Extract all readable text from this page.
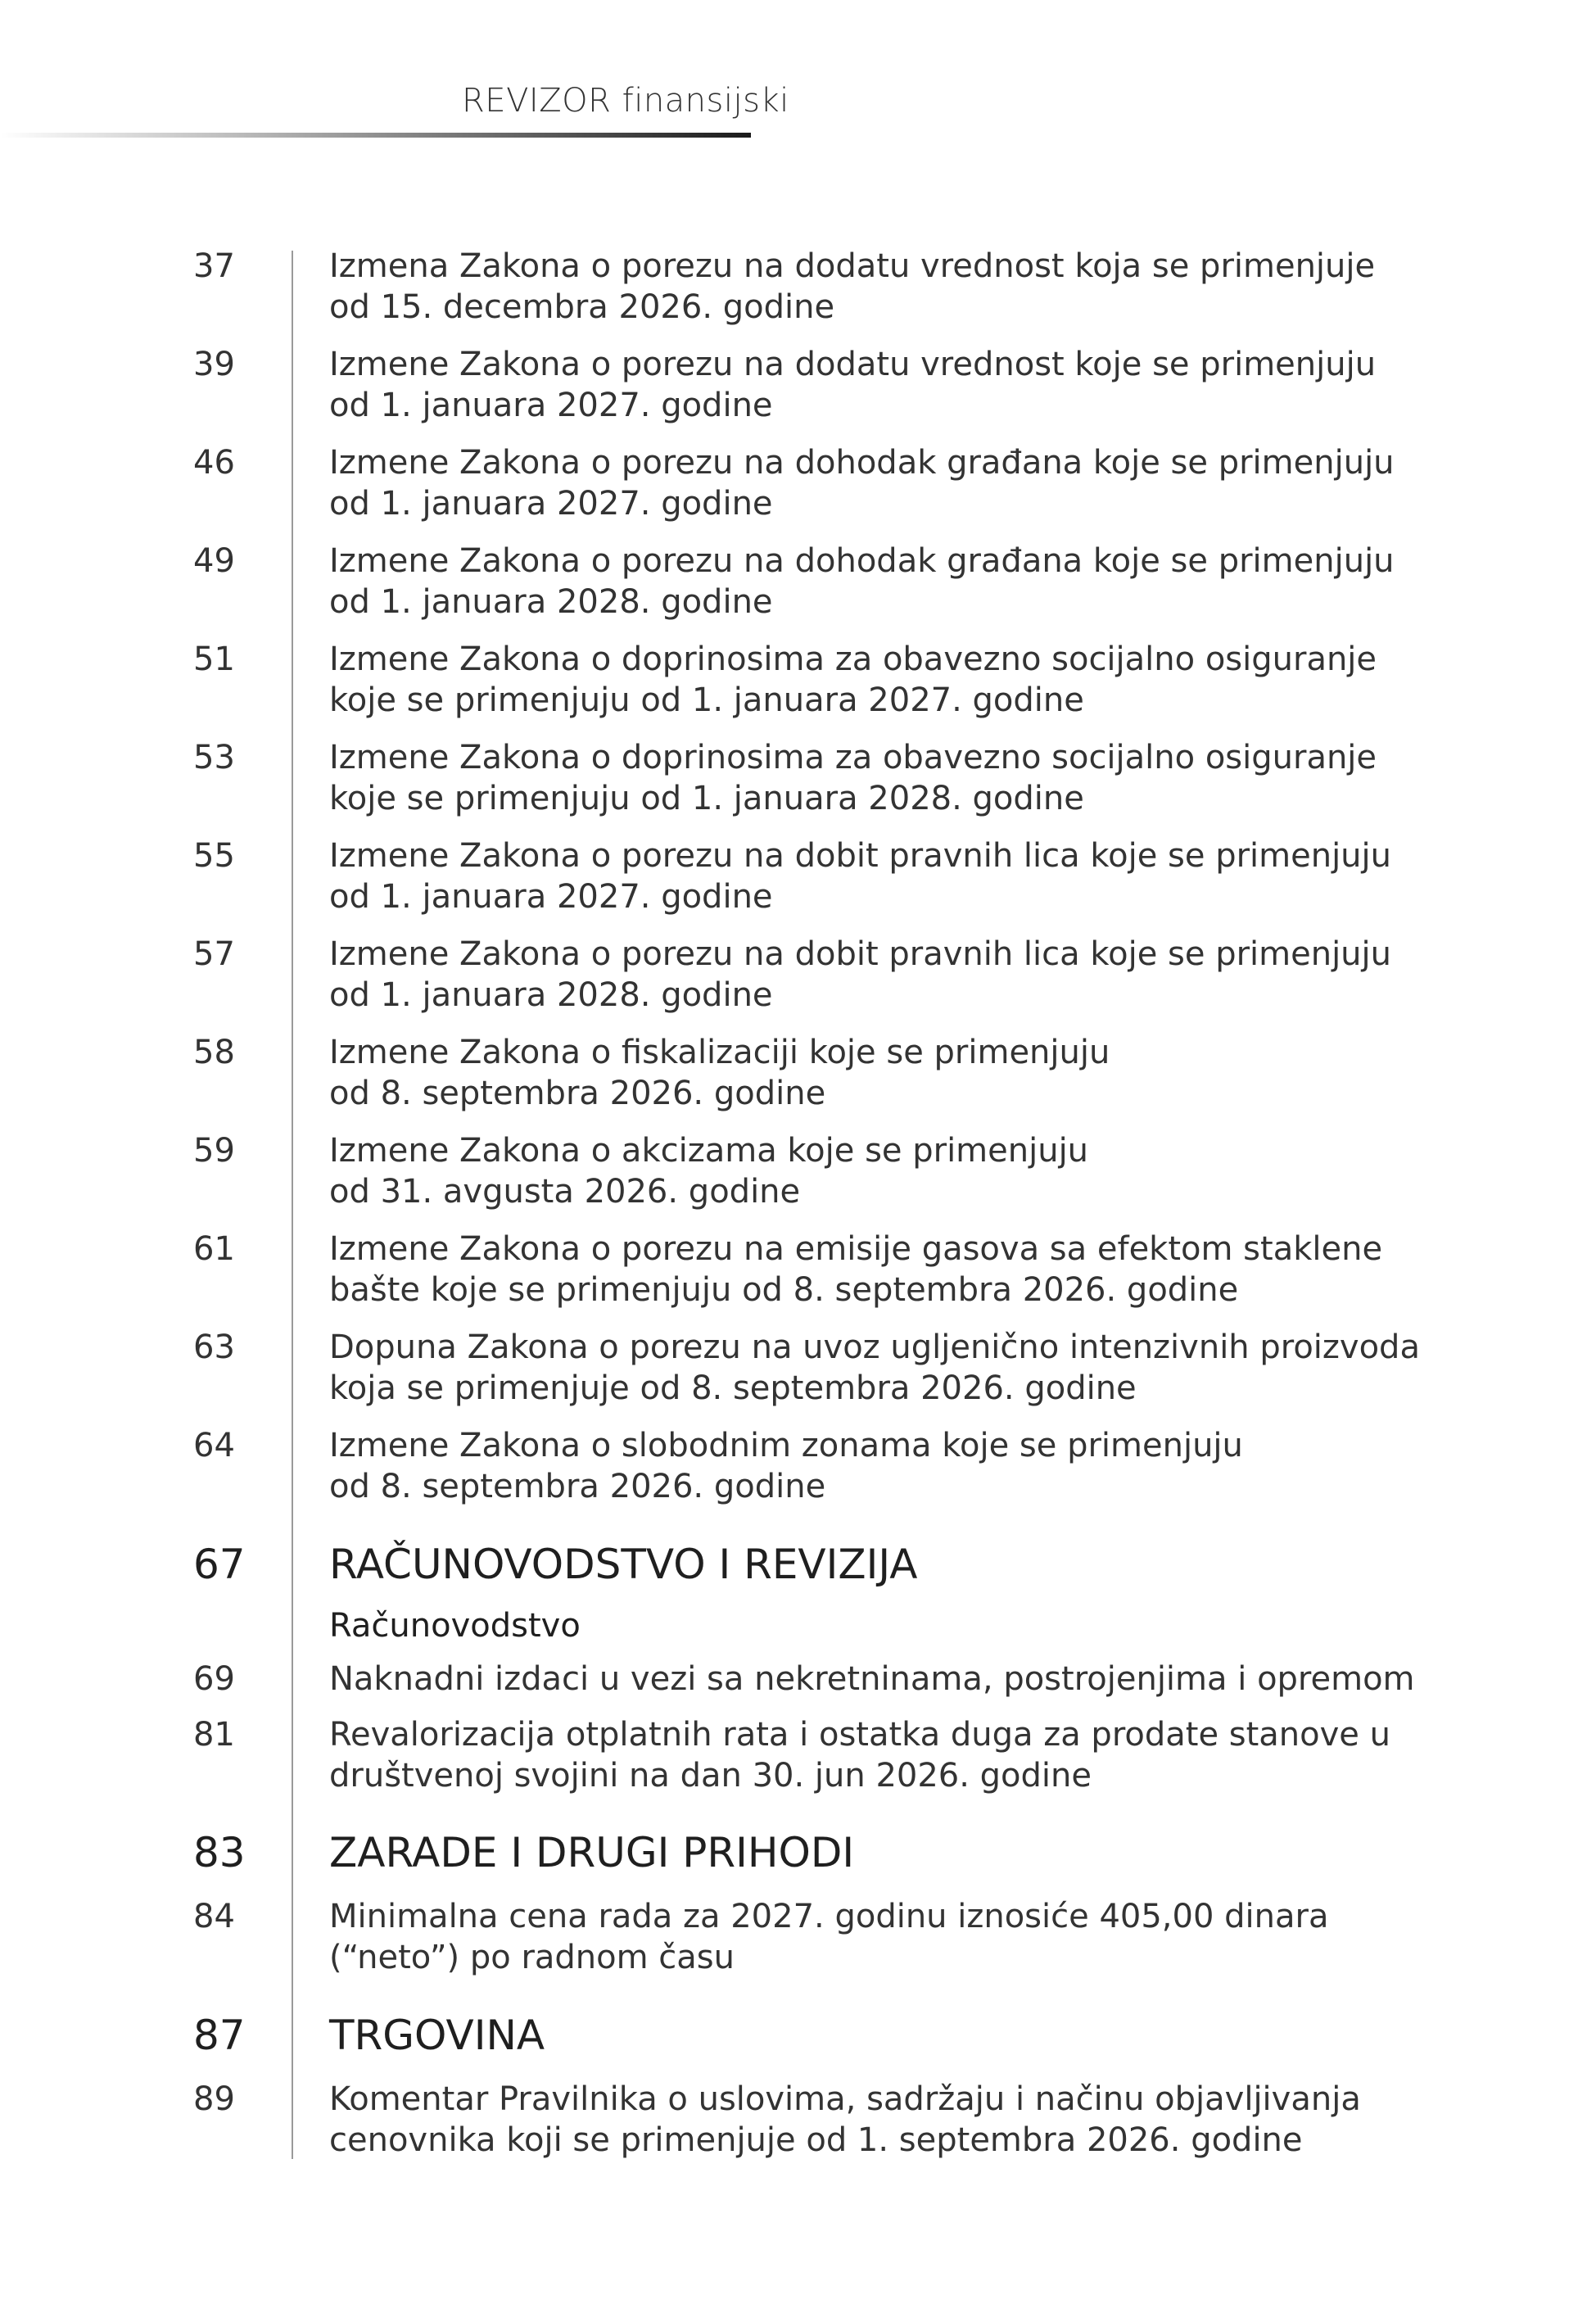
REVIZOR finansijski
37	Izmena Zakona o porezu na dodatu vrednost koja se primenjuje
od 15. decembra 2026. godine
39	Izmene Zakona o porezu na dodatu vrednost koje se primenjuju
od 1. januara 2027. godine
46	Izmene Zakona o porezu na dohodak građana koje se primenjuju
od 1. januara 2027. godine
49	Izmene Zakona o porezu na dohodak građana koje se primenjuju
od 1. januara 2028. godine
51	Izmene Zakona o doprinosima za obavezno socijalno osiguranje
koje se primenjuju od 1. januara 2027. godine
53	Izmene Zakona o doprinosima za obavezno socijalno osiguranje
koje se primenjuju od 1. januara 2028. godine
55	Izmene Zakona o porezu na dobit pravnih lica koje se primenjuju
od 1. januara 2027. godine
57	Izmene Zakona o porezu na dobit pravnih lica koje se primenjuju
od 1. januara 2028. godine
58	Izmene Zakona o fiskalizaciji koje se primenjuju
od 8. septembra 2026. godine
59	Izmene Zakona o akcizama koje se primenjuju
od 31. avgusta 2026. godine
61	Izmene Zakona o porezu na emisije gasova sa efektom staklene
bašte koje se primenjuju od 8. septembra 2026. godine
63	Dopuna Zakona o porezu na uvoz ugljenično intenzivnih proizvoda
koja se primenjuje od 8. septembra 2026. godine
64	Izmene Zakona o slobodnim zonama koje se primenjuju
od 8. septembra 2026. godine
67	RAČUNOVODSTVO I REVIZIJA
Računovodstvo
69	Naknadni izdaci u vezi sa nekretninama, postrojenjima i opremom
81	Revalorizacija otplatnih rata i ostatka duga za prodate stanove u
društvenoj svojini na dan 30. jun 2026. godine
83	ZARADE I DRUGI PRIHODI
84	Minimalna cena rada za 2027. godinu iznosiće 405,00 dinara
(“neto”) po radnom času
87	TRGOVINA
89	Komentar Pravilnika o uslovima, sadržaju i načinu objavljivanja
cenovnika koji se primenjuje od 1. septembra 2026. godine
